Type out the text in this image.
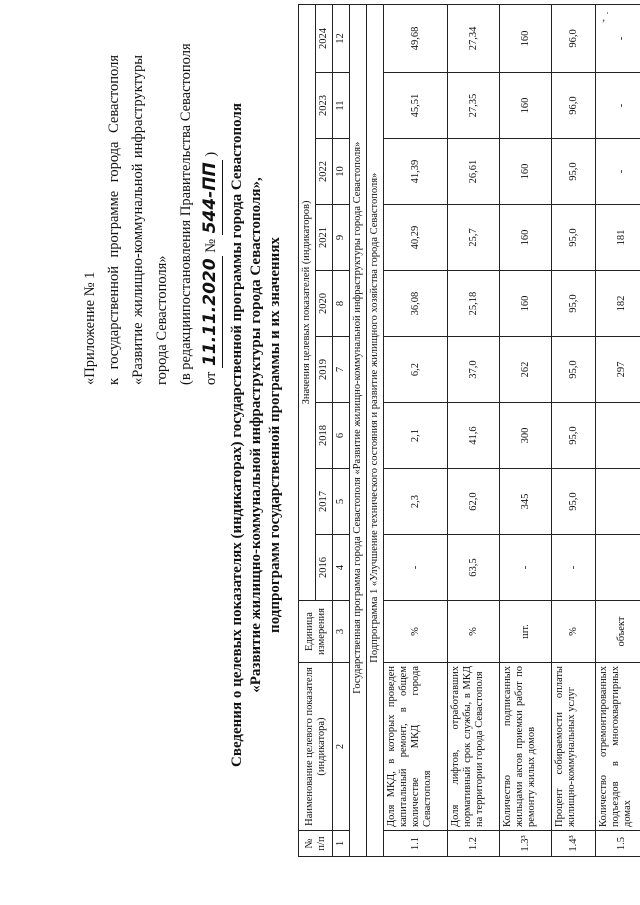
‚ˈ
«Приложение № 1 к
государственной
программе
города
Севастополя
«Развитие
жилищно-коммунальной
инфраструктуры
города Севастополя» (в редакции
постановления Правительства Севастополя
от 11.11.2020 № 544-ПП ) Сведения о целевых показателях (индикаторах) государственной программы города Севастополя «Развитие жилищно-коммунальной инфраструктуры города Севастополя», подпрограмм государственной программы и их значениях
№ п/п	Наименование целевого показателя (индикатора)	Единица измерения	Значения целевых показателей (индикаторов)								
			2016	2017	2018	2019	2020	2021	2022	2023	2024
1	2	3	4	5	6	7	8	9	10	11	12
	Государственная программа города Севастополя «Развитие жилищно-коммунальной инфраструктуры города Севастополя»										
	Подпрограмма 1 «Улучшение технического состояния и развитие жилищного хозяйства города Севастополя»										
1.1	Доля МКД, в которых проведен капитальный ремонт, в общем количестве МКД города Севастополя	%	-	2,3	2,1	6,2	36,08	40,29	41,39	45,51	49,68
1.2	Доля лифтов, отработавших нормативный срок службы, в МКД на территории города Севастополя	%	63,5	62,0	41,6	37,0	25,18	25,7	26,61	27,35	27,34
1.3³	Количество подписанных жильцами актов приемки работ по ремонту жилых домов	шт.	-	345	300	262	160	160	160	160	160
1.4³	Процент собираемости оплаты жилищно-коммунальных услуг	%	-	95,0	95,0	95,0	95,0	95,0	95,0	96,0	96,0
1.5	Количество отремонтированных подъездов в многоквартирных домах	объект				297	182	181	-	-	-
